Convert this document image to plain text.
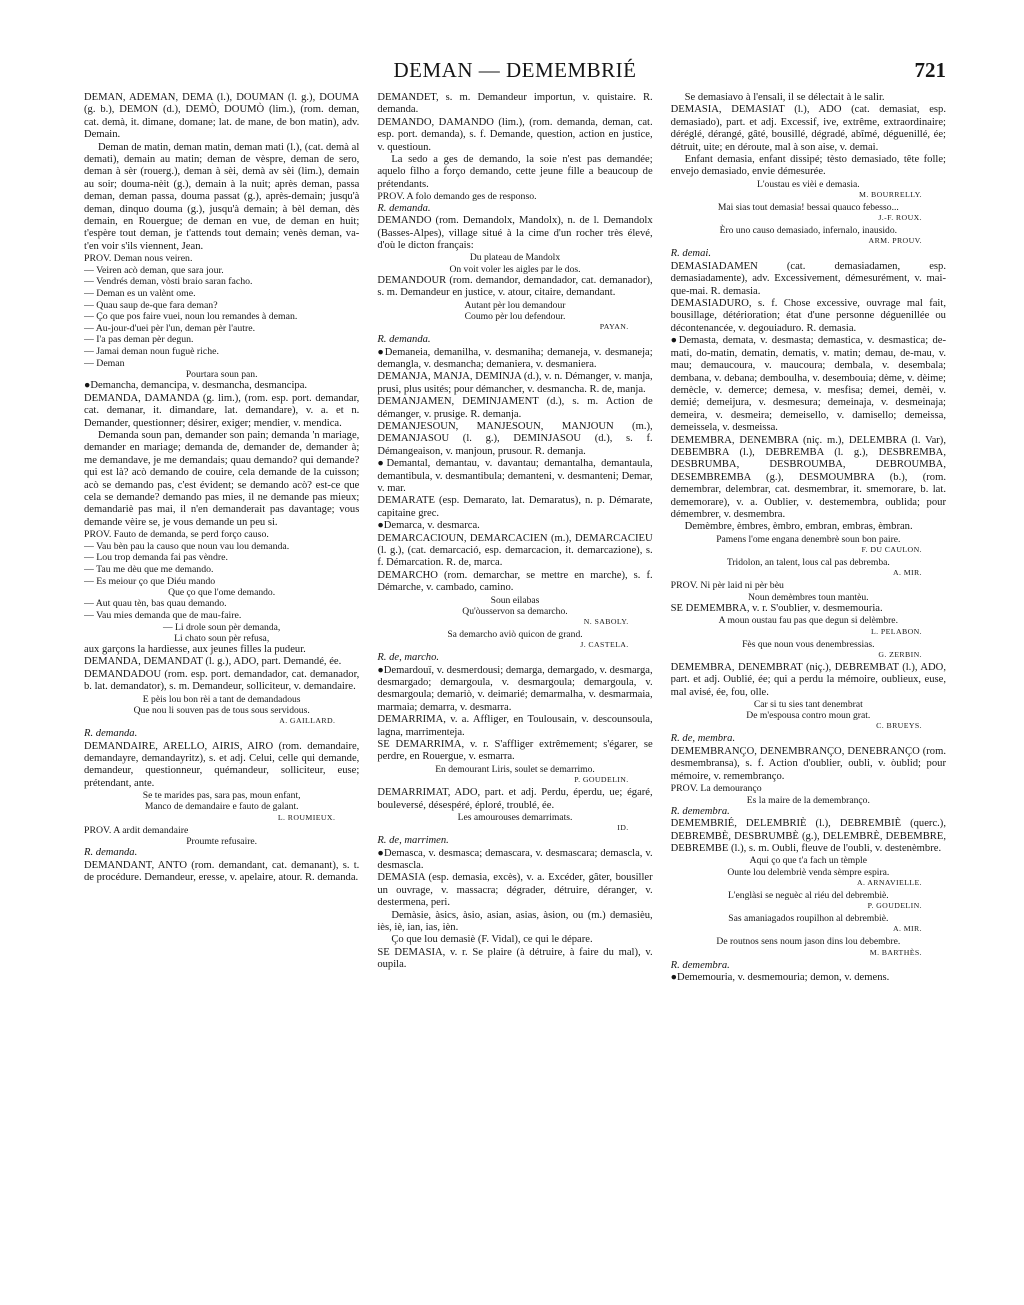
DEMAN — DEMEMBRIÉ	721

DEMAN, ADEMAN, DEMA (l.), DOUMAN (l. g.), DOUMA (g. b.), DEMON (d.), DEMÒ, DOUMÒ (lim.), (rom. deman, cat. demà, it. dimane, domane; lat. de mane, de bon matin), adv. Demain.

Deman de matin, deman matin, deman mati (l.), (cat. demà al demati), demain au matin; deman de vèspre, deman de sero, deman à sèr (rouerg.), deman à sèi, demà av sèi (lim.), demain au soir; douma-nèit (g.), demain à la nuit; après deman, passa deman, deman passa, douma passat (g.), après-demain; jusqu'à deman, dinquo douma (g.), jusqu'à demain; à bèl deman, dès demain, en Rouergue; de deman en vue, de deman en huit; t'espère tout deman, je t'attends tout demain; venès deman, va-t'en voir s'ils viennent, Jean.

PROV. Deman nous veiren.

— Veiren acò deman, que sara jour.

— Vendrés deman, vòsti braio saran facho.

— Deman es un valènt ome.

— Quau saup de-que fara deman?

— Ço que pos faire vuei, noun lou remandes à deman.

— Au-jour-d'uei pèr l'un, deman pèr l'autre.

— I'a pas deman pèr degun.

— Jamai deman noun fuguè riche.

— Deman

Pourtara soun pan.

●Demancha, demancipa, v. desmancha, desmancipa.

DEMANDA, DAMANDA (g. lim.), (rom. esp. port. demandar, cat. demanar, it. dimandare, lat. demandare), v. a. et n. Demander, questionner; désirer, exiger; mendier, v. mendica.

Demanda soun pan, demander son pain; demanda 'n mariage, demander en mariage; demanda de, demander de, demander à; me demandave, je me demandais; quau demando? qui demande? qui est là? acò demando de couire, cela demande de la cuisson; acò se demando pas, c'est évident; se demando acò? est-ce que cela se demande? demando pas mies, il ne demande pas mieux; demandariè pas mai, il n'en demanderait pas davantage; vous demande vèire se, je vous demande un peu si.

PROV. Fauto de demanda, se perd forço causo.

— Vau bèn pau la causo que noun vau lou demanda.

— Lou trop demanda fai pas vèndre.

— Tau me dèu que me demando.

— Es meiour ço que Diéu mando

Que ço que l'ome demando.

— Aut quau tèn, bas quau demando.

— Vau mies demanda que de mau-faire.

— Li drole soun pèr demanda,

Li chato soun pèr refusa,

aux garçons la hardiesse, aux jeunes filles la pudeur.

DEMANDA, DEMANDAT (l. g.), ADO, part. Demandé, ée.

DEMANDADOU (rom. esp. port. demandador, cat. demanador, b. lat. demandator), s. m. Demandeur, solliciteur, v. demandaire.

E pèis lou bon rèi a tant de demandadous

Que nou li souven pas de tous sous servidous.

A. GAILLARD.

R. demanda.

DEMANDAIRE, ARELLO, AIRIS, AIRO (rom. demandaire, demandayre, demandayritz), s. et adj. Celui, celle qui demande, demandeur, questionneur, quémandeur, solliciteur, euse; prétendant, ante.

Se te marides pas, sara pas, moun enfant,

Manco de demandaire e fauto de galant.

L. ROUMIEUX.

PROV. A ardit demandaire

Proumte refusaire.

R. demanda.

DEMANDANT, ANTO (rom. demandant, cat. demanant), s. t. de procédure. Demandeur, eresse, v. apelaire, atour. R. demanda.

DEMANDET, s. m. Demandeur importun, v. quistaire. R. demanda.

DEMANDO, DAMANDO (lim.), (rom. demanda, deman, cat. esp. port. demanda), s. f. Demande, question, action en justice, v. questioun.

La sedo a ges de demando, la soie n'est pas demandée; aquelo filho a forço demando, cette jeune fille a beaucoup de prétendants.

PROV. A folo demando ges de responso.

R. demanda.

DEMANDO (rom. Demandolx, Mandolx), n. de l. Demandolx (Basses-Alpes), village situé à la cime d'un rocher très élevé, d'où le dicton français:

Du plateau de Mandolx

On voit voler les aigles par le dos.

DEMANDOUR (rom. demandor, demandador, cat. demanador), s. m. Demandeur en justice, v. atour, citaire, demandant.

Autant pèr lou demandour

Coumo pèr lou defendour.

PAYAN.

R. demanda.

●Demaneia, demanilha, v. desmaniha; demaneja, v. desmaneja; demangla, v. desmancha; demaniera, v. desmaniera.

DEMANJA, MANJA, DEMINJA (d.), v. n. Démanger, v. manja, prusi, plus usités; pour démancher, v. desmancha. R. de, manja.

DEMANJAMEN, DEMINJAMENT (d.), s. m. Action de démanger, v. prusige. R. demanja.

DEMANJESOUN, MANJESOUN, MANJOUN (m.), DEMANJASOU (l. g.), DEMINJASOU (d.), s. f. Démangeaison, v. manjoun, prusour. R. demanja.

●Demantal, demantau, v. davantau; demantalha, demantaula, demantibula, v. desmantibula; demanteni, v. desmanteni; Demar, v. mar.

DEMARATE (esp. Demarato, lat. Demaratus), n. p. Démarate, capitaine grec.

●Demarca, v. desmarca.

DEMARCACIOUN, DEMARCACIEN (m.), DEMARCACIEU (l. g.), (cat. demarcació, esp. demarcacion, it. demarcazione), s. f. Démarcation. R. de, marca.

DEMARCHO (rom. demarchar, se mettre en marche), s. f. Démarche, v. cambado, camino.

Soun eilabas

Qu'òusservon sa demarcho.

N. SABOLY.

Sa demarcho aviò quicon de grand.

J. CASTELA.

R. de, marcho.

●Demardouï, v. desmerdousi; demarga, demargado, v. desmarga, desmargado; demargoula, v. desmargoula; demargoula, v. desmargoula; demariò, v. deimarié; demarmalha, v. desmarmaia, marmaia; demarra, v. desmarra.

DEMARRIMA, v. a. Affliger, en Toulousain, v. descounsoula, lagna, marrimenteja.

SE DEMARRIMA, v. r. S'affliger extrêmement; s'égarer, se perdre, en Rouergue, v. esmarra.

En demourant Liris, soulet se demarrimo.

P. GOUDELIN.

DEMARRIMAT, ADO, part. et adj. Perdu, éperdu, ue; égaré, bouleversé, désespéré, éploré, troublé, ée.

Les amourouses demarrimats.

ID.

R. de, marrimen.

●Demasca, v. desmasca; demascara, v. desmascara; demascla, v. desmascla.

DEMASIA (esp. demasia, excès), v. a. Excéder, gâter, bousiller un ouvrage, v. massacra; dégrader, détruire, déranger, v. destermena, peri.

Demàsie, àsics, àsio, asian, asias, àsion, ou (m.) demasièu, iès, iè, ian, ias, ièn.

Ço que lou demasiè (F. Vidal), ce qui le dépare.

SE DEMASIA, v. r. Se plaire (à détruire, à faire du mal), v. oupila.

Se demasiavo à l'ensali, il se délectait à le salir.

DEMASIA, DEMASIAT (l.), ADO (cat. demasiat, esp. demasiado), part. et adj. Excessif, ive, extrême, extraordinaire; déréglé, dérangé, gâté, bousillé, dégradé, abîmé, déguenillé, ée; détruit, uite; en déroute, mal à son aise, v. demai.

Enfant demasia, enfant dissipé; tèsto demasiado, tête folle; envejo demasiado, envie démesurée.

L'oustau es vièi e demasia.

M. BOURRELLY.

Mai sias tout demasia! bessai quauco febesso...

J.-F. ROUX.

Èro uno causo demasiado, infernalo, inausido.

ARM. PROUV.

R. demai.

DEMASIADAMEN (cat. demasiadamen, esp. demasiadamente), adv. Excessivement, démesurément, v. mai-que-mai. R. demasia.

DEMASIADURO, s. f. Chose excessive, ouvrage mal fait, bousillage, détérioration; état d'une personne déguenillée ou décontenancée, v. degouiaduro. R. demasia.

●Demasta, demata, v. desmasta; demastica, v. desmastica; de-mati, do-matin, dematin, dematis, v. matin; demau, de-mau, v. mau; demaucoura, v. maucoura; dembala, v. desembala; dembana, v. debana; demboulha, v. desembouia; dème, v. dèime; demècle, v. demerce; demesa, v. mesfisa; demei, demèi, v. demié; demeijura, v. desmesura; demeinaja, v. desmeinaja; demeira, v. desmeira; demeisello, v. damisello; demeissa, demeissela, v. desmeissa.

DEMEMBRA, DENEMBRA (niç. m.), DELEMBRA (l. Var), DEBEMBRA (l.), DEBREMBA (l. g.), DESBREMBA, DESBRUMBA, DESBROUMBA, DEBROUMBA, DESEMBREMBA (g.), DESMOUMBRA (b.), (rom. demembrar, delembrar, cat. desmembrar, it. smemorare, b. lat. dememorare), v. a. Oublier, v. destemembra, oublida; pour démembrer, v. desmembra.

Demèmbre, èmbres, èmbro, embran, embras, èmbran.

Pamens l'ome engana denembrè soun bon paire.

F. DU CAULON.

Tridolon, an talent, lous cal pas debremba.

A. MIR.

PROV. Ni pèr laid ni pèr bèu

Noun demèmbres toun mantèu.

SE DEMEMBRA, v. r. S'oublier, v. desmemouria.

A moun oustau fau pas que degun si delèmbre.

L. PELABON.

Fès que noun vous denembressias.

G. ZERBIN.

DEMEMBRA, DENEMBRAT (niç.), DEBREMBAT (l.), ADO, part. et adj. Oublié, ée; qui a perdu la mémoire, oublieux, euse, mal avisé, ée, fou, olle.

Car si tu sies tant denembrat

De m'espousa contro moun grat.

C. BRUEYS.

R. de, membra.

DEMEMBRANÇO, DENEMBRANÇO, DENEBRANÇO (rom. desmembransa), s. f. Action d'oublier, oubli, v. òublid; pour mémoire, v. remembranço.

PROV. La demouranço

Es la maire de la demembranço.

R. demembra.

DEMEMBRIÉ, DELEMBRIÈ (l.), DEBREMBIÈ (querc.), DEBREMBÈ, DESBRUMBÈ (g.), DELEMBRÈ, DEBEMBRE, DEBREMBE (l.), s. m. Oubli, fleuve de l'oubli, v. destenèmbre.

Aqui ço que t'a fach un tèmple

Ounte lou delembriè venda sèmpre espira.

A. ARNAVIELLE.

L'englàsi se neguèc al riéu del debrembiè.

P. GOUDELIN.

Sas amaniagados roupilhon al debrembiè.

A. MIR.

De routnos sens noum jason dins lou debembre.

M. BARTHÈS.

R. demembra.

●Dememouria, v. desmemouria; demon, v. demens.
